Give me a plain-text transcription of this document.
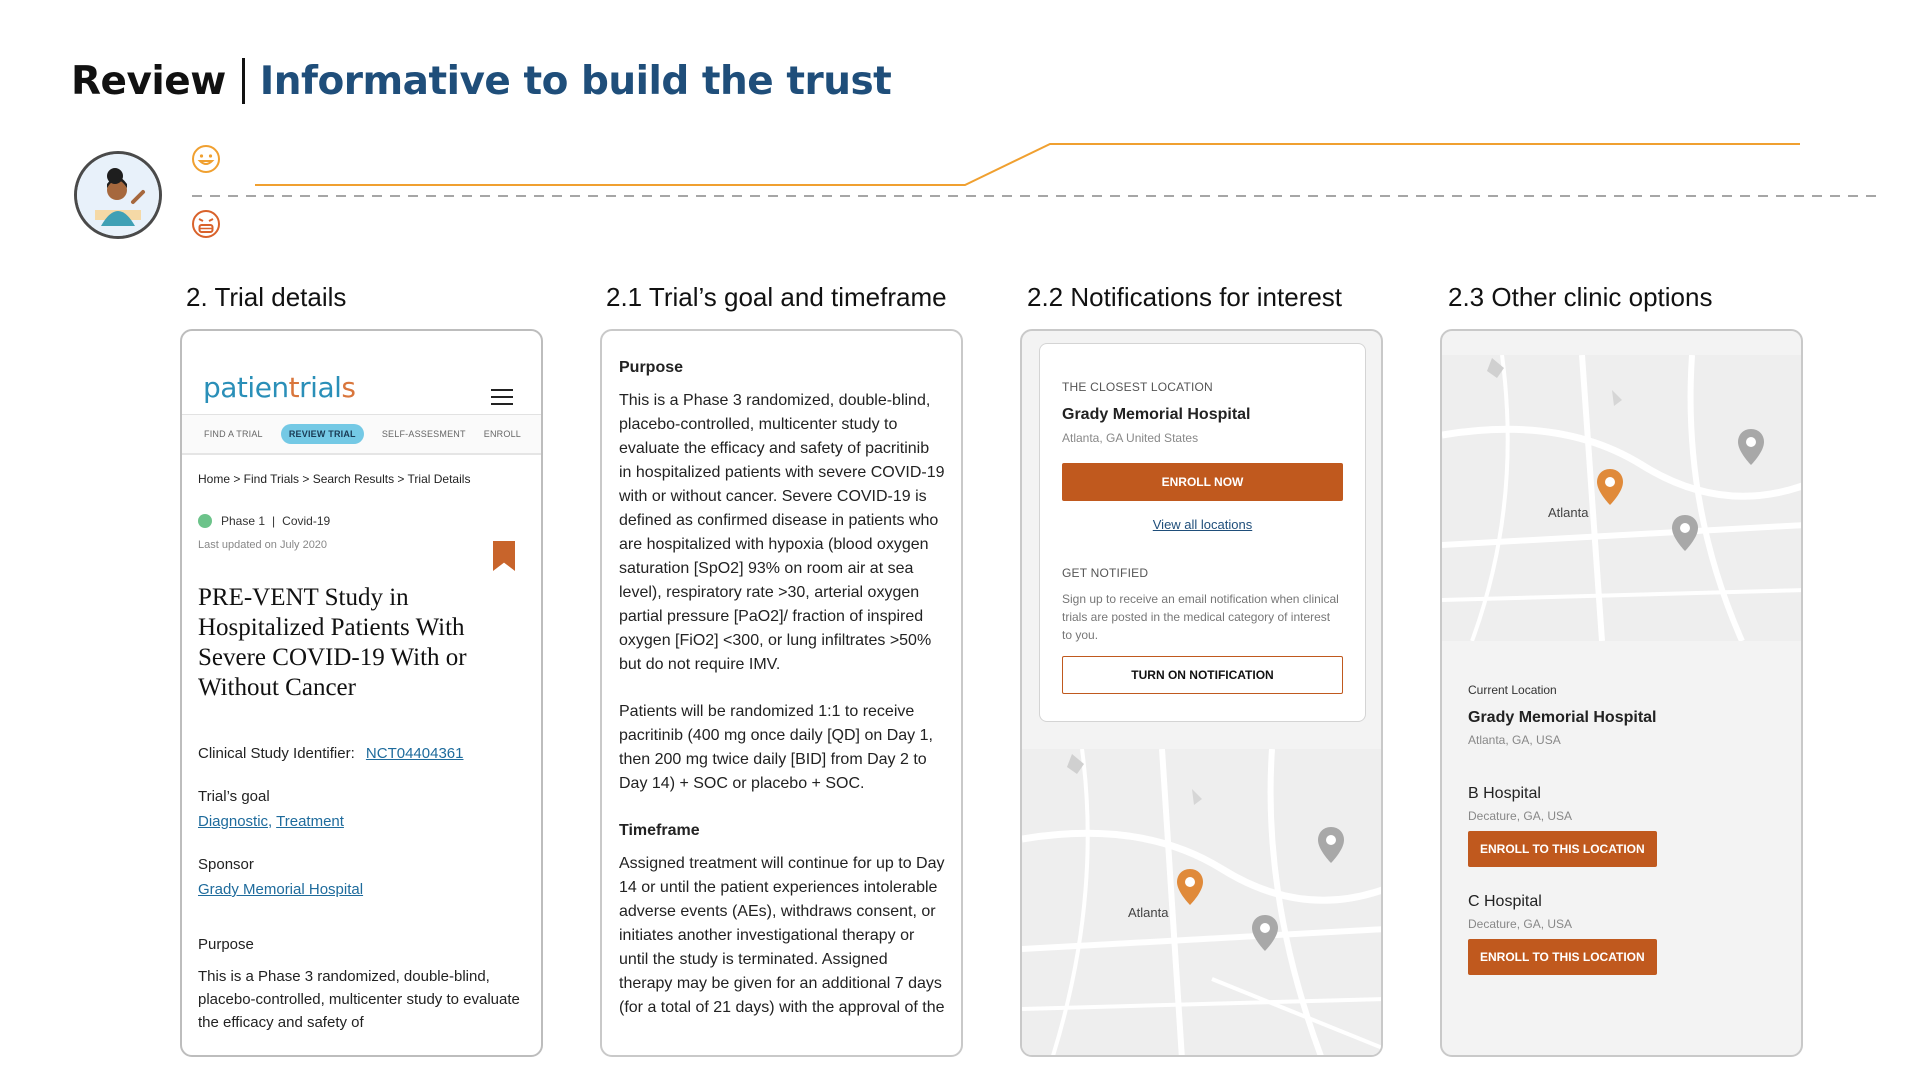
Review Informative to build the trust
2. Trial details	2.1 Trial’s goal and timeframe	2.2 Notifications for interest	2.3 Other clinic options
patientrials
FIND A TRIAL	REVIEW TRIAL	SELF-ASSESMENT ENROLL
Home > Find Trials > Search Results > Trial Details
Phase 1 | Covid-19
Last updated on July 2020
PRE-VENT Study in Hospitalized Patients With Severe COVID-19 With or Without Cancer
Clinical Study Identifier: NCT04404361
Trial’s goal
Diagnostic, Treatment
Sponsor
Grady Memorial Hospital
Purpose
This is a Phase 3 randomized, double-blind, placebo-controlled, multicenter study to evaluate the efficacy and safety of
Purpose

This is a Phase 3 randomized, double-blind, placebo-controlled, multicenter study to evaluate the efficacy and safety of pacritinib in hospitalized patients with severe COVID-19 with or without cancer. Severe COVID-19 is defined as confirmed disease in patients who are hospitalized with hypoxia (blood oxygen saturation [SpO2] 93% on room air at sea level), respiratory rate >30, arterial oxygen partial pressure [PaO2]/ fraction of inspired oxygen [FiO2] <300, or lung infiltrates >50% but do not require IMV.

Patients will be randomized 1:1 to receive pacritinib (400 mg once daily [QD] on Day 1, then 200 mg twice daily [BID] from Day 2 to Day 14) + SOC or placebo + SOC.

Timeframe

Assigned treatment will continue for up to Day 14 or until the patient experiences intolerable adverse events (AEs), withdraws consent, or initiates another investigational therapy or until the study is terminated. Assigned therapy may be given for an additional 7 days (for a total of 21 days) with the approval of the

THE CLOSEST LOCATION
Grady Memorial Hospital
Atlanta, GA United States
ENROLL NOW
View all locations
GET NOTIFIED
Sign up to receive an email notification when clinical trials are posted in the medical category of interest to you.
TURN ON NOTIFICATION
Atlanta
Atlanta
Current Location
Grady Memorial Hospital
Atlanta, GA, USA
B Hospital
Decature, GA, USA
ENROLL TO THIS LOCATION
C Hospital
Decature, GA, USA
ENROLL TO THIS LOCATION
